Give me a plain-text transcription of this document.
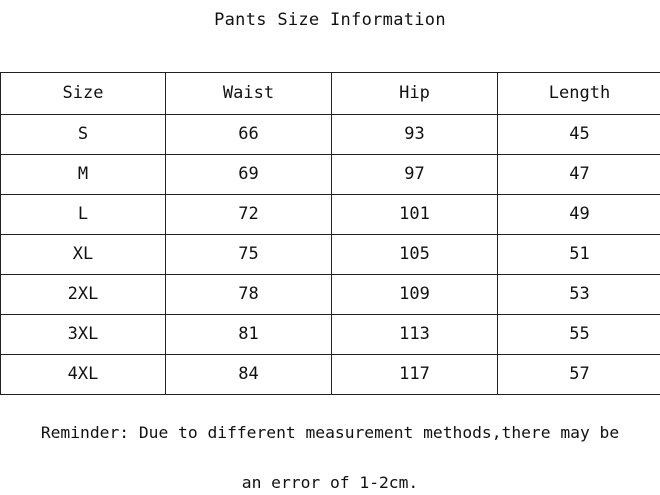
Pants Size Information
Size	Waist	Hip	Length
S	66	93	45
M	69	97	47
L	72	101	49
XL	75	105	51
2XL	78	109	53
3XL	81	113	55
4XL	84	117	57

Reminder: Due to different measurement methods,there may be

an error of 1-2cm.
